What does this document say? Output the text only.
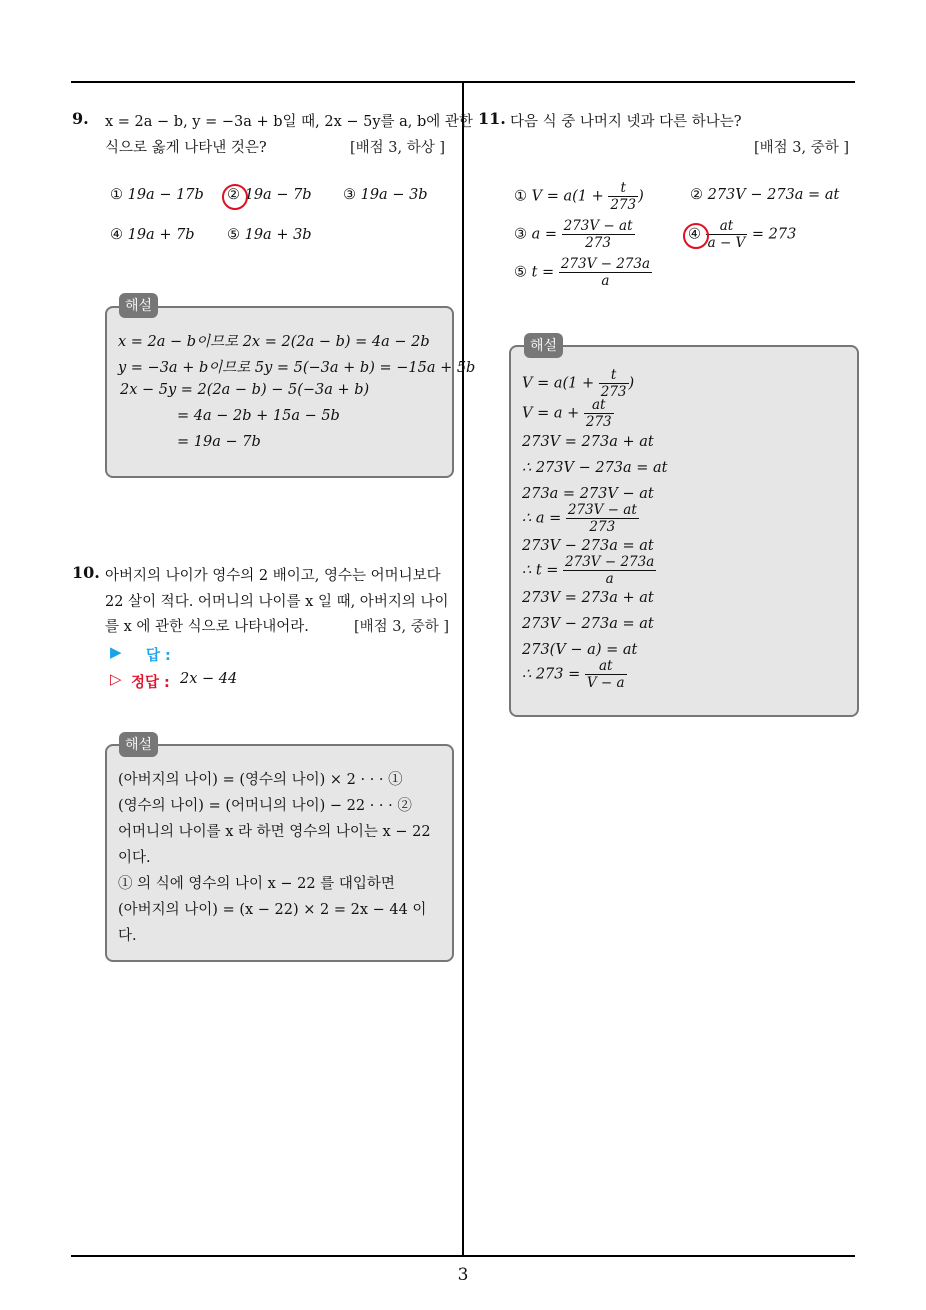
9. x = 2a − b, y = −3a + b일 때, 2x − 5y를 a, b에 관한
식으로 옳게 나타낸 것은?	[배점 3, 하상 ]
① 19a − 17b ② 19a − 7b ③ 19a − 3b
④ 19a + 7b ⑤ 19a + 3b
x = 2a − b이므로 2x = 2(2a − b) = 4a − 2b
y = −3a + b이므로 5y = 5(−3a + b) = −15a + 5b
2x − 5y = 2(2a − b) − 5(−3a + b)
= 4a − 2b + 15a − 5b
= 19a − 7b
해설
10. 아버지의 나이가 영수의 2 배이고, 영수는 어머니보다
22 살이 적다. 어머니의 나이를 x 일 때, 아버지의 나이
를 x 에 관한 식으로 나타내어라.	[배점 3, 중하 ]
▶ 답 :
▷ 정답 : 2x − 44
(아버지의 나이) = (영수의 나이) × 2 · · · ①
(영수의 나이) = (어머니의 나이) − 22 · · · ②
어머니의 나이를 x 라 하면 영수의 나이는 x − 22
이다.
① 의 식에 영수의 나이 x − 22 를 대입하면
(아버지의 나이) = (x − 22) × 2 = 2x − 44 이
다.
해설
11. 다음 식 중 나머지 넷과 다른 하나는?
[배점 3, 중하 ]
① $V = a(1 + \frac{t}{273}$ )	② 273V − 273a = at
③ $a = \frac{273V - at}{273}$	④ $\frac{at}{a - V} = 273$
⑤ $t = \frac{273V - 273a}{a}$
$V = a(1 + \frac{t}{273}$ )
$V = a + \frac{at}{273}$
273V = 273a + at
∴ 273V − 273a = at
273a = 273V − at
∴ $a = \frac{273V - at}{273}$
273V − 273a = at
∴ $t = \frac{273V - 273a}{a}$
273V = 273a + at
273V − 273a = at
273(V − a) = at
∴ $273 = \frac{at}{V - a}$
해설
3
